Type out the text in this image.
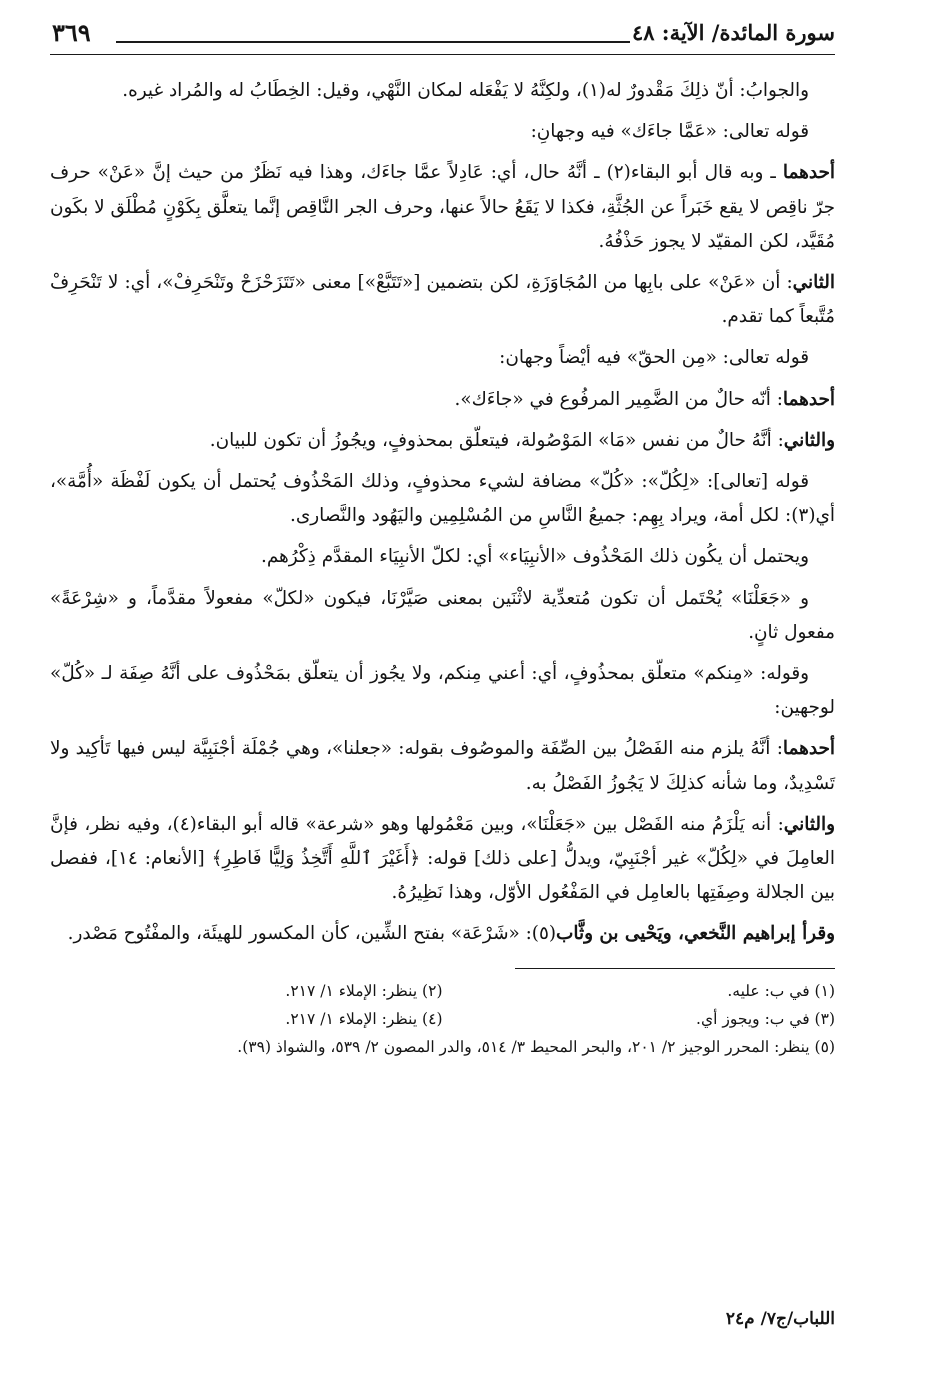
سورة المائدة/ الآية: ٤٨
٣٦٩

والجوابُ: أنّ ذلِكَ مَقْدورٌ له(١)، ولكِنَّهُ لا يَفْعَله لمكان النَّهْي، وقيل: الخِطَابُ له والمُراد غيره.

قوله تعالى: «عَمَّا جاءَك» فيه وجهانِ:

أحدهما ـ وبه قال أبو البقاء(٢) ـ أنَّهُ حال، أي: عَادِلاً عمَّا جاءَك، وهذا فيه نَظَرٌ من حيث إنَّ «عَنْ» حرف جرّ ناقِص لا يقع خَبَراً عن الجُثَّةِ، فكذا لا يَقَعُ حالاً عنها، وحرف الجر النَّاقِص إنَّما يتعلَّق بِكَوْنٍ مُطْلَق لا بكَون مُقَيَّد، لكن المقيّد لا يجوز حَذْفُهُ.

الثاني: أن «عَنْ» على بابِها من المُجَاوَزَةِ، لكن بتضمين [«تَتَبَّعْ»] معنى «تَتَزَحْزَحْ وتَنْحَرِفْ»، أي: لا تَنْحَرِفْ مُتَّبعاً كما تقدم.

قوله تعالى: «مِن الحقّ» فيه أيْضاً وجهان:

أحدهما: أنّه حالٌ من الضَّمِير المرفُوع في «جاءَك».

والثاني: أنَّهُ حالٌ من نفس «مَا» المَوْصُولة، فيتعلّق بمحذوفٍ، ويجُوزُ أن تكون للبيان.

قوله [تعالى]: «لِكُلّ»: «كُلّ» مضافة لشيء محذوفٍ، وذلك المَحْذُوف يُحتمل أن يكون لَفْظَة «أُمَّة»، أي(٣): لكل أمة، ويراد بِهِم: جميعُ النَّاسِ من المُسْلِمِين واليَهُود والنَّصارى.

ويحتمل أن يكُون ذلك المَحْذُوف «الأنبِيَاء» أي: لكلّ الأنبِيَاء المقدَّم ذِكْرُهم.

و «جَعَلْنَا» يُحْتَمل أن تكون مُتعدِّية لاثْنَين بمعنى صَيَّرْنَا، فيكون «لكلّ» مفعولاً مقدَّماً، و «شِرْعَةً» مفعول ثانٍ.

وقوله: «مِنكم» متعلّق بمحذُوفٍ، أي: أعني مِنكم، ولا يجُوز أن يتعلّق بمَحْذُوف على أنَّهُ صِفَة لـ «كُلّ» لوجهين:

أحدهما: أنَّهُ يلزم منه الفَصْلُ بين الصِّفَة والموصُوف بقوله: «جعلنا»، وهي جُمْلَة أجْنَبِيَّة ليس فيها تَأكِيد ولا تَسْدِيدٌ، وما شأنه كذلِكَ لا يَجُوزُ الفَصْلُ به.

والثاني: أنه يَلْزَمُ منه الفَصْل بين «جَعَلْنَا»، وبين مَعْمُولها وهو «شرعة» قاله أبو البقاء(٤)، وفيه نظر، فإنَّ العامِلَ في «لِكُلّ» غير أجْنَبِيّ، ويدلُّ [على ذلك] قوله: ﴿أَغَيْرَ ٱللَّهِ أَتَّخِذُ وَلِيًّا فَاطِرِ﴾ [الأنعام: ١٤]، ففصل بين الجلالة وصِفَتِها بالعامِل في المَفْعُول الأوّل، وهذا نَظِيرُهُ.

وقرأ إبراهيم النَّخعي، ويَحْيى بن وثَّاب(٥): «شَرْعَة» بفتح الشِّين، كأن المكسور للهيئَة، والمفْتُوح مَصْدر.

(١) في ب: عليه.
(٢) ينظر: الإملاء ١/ ٢١٧.
(٣) في ب: ويجوز أي.
(٤) ينظر: الإملاء ١/ ٢١٧.
(٥) ينظر: المحرر الوجيز ٢/ ٢٠١، والبحر المحيط ٣/ ٥١٤، والدر المصون ٢/ ٥٣٩، والشواذ (٣٩).
اللباب/ج٧/ م٢٤
